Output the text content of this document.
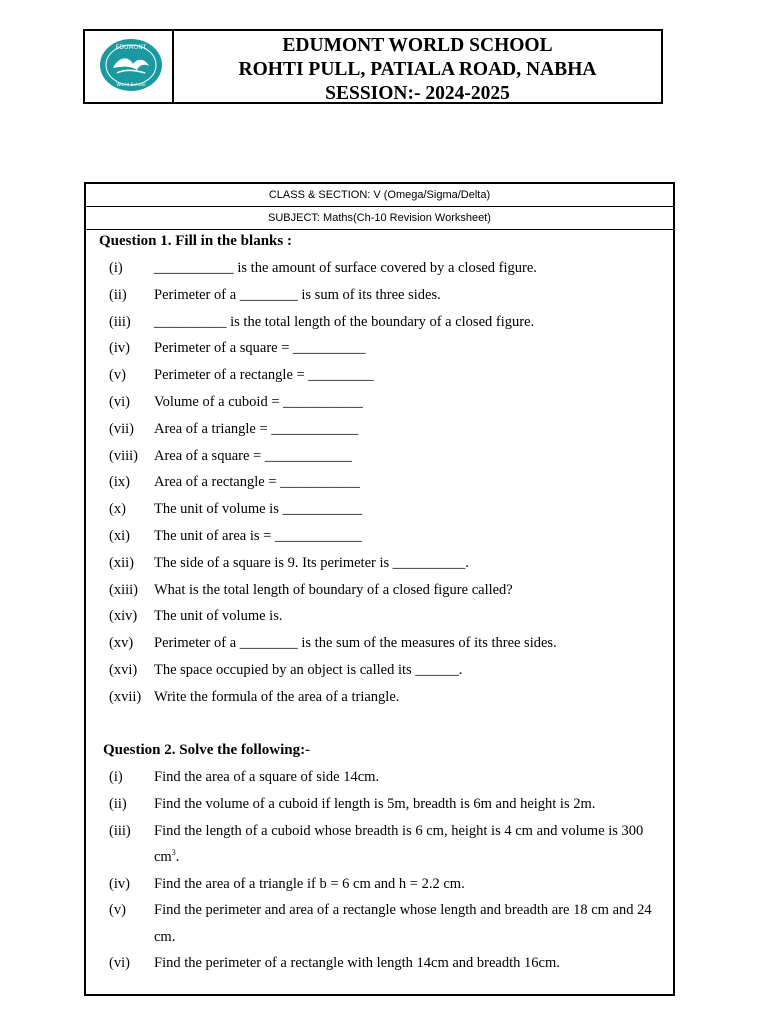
EDUMONT
World School
EDUMONT WORLD SCHOOL
ROHTI PULL, PATIALA ROAD, NABHA
SESSION:- 2024-2025
CLASS & SECTION: V (Omega/Sigma/Delta)
SUBJECT: Maths(Ch-10 Revision Worksheet)
Question 1. Fill in the blanks :
(i) ___________ is the amount of surface covered by a closed figure.
(ii) Perimeter of a ________ is sum of its three sides.
(iii) __________ is the total length of the boundary of a closed figure.
(iv) Perimeter of a square = __________
(v) Perimeter of a rectangle = _________
(vi) Volume of a cuboid = ___________
(vii) Area of a triangle = ____________
(viii) Area of a square = ____________
(ix) Area of a rectangle = ___________
(x) The unit of volume is ___________
(xi) The unit of area is = ____________
(xii) The side of a square is 9. Its perimeter is __________.
(xiii) What is the total length of boundary of a closed figure called?
(xiv) The unit of volume is.
(xv) Perimeter of a ________ is the sum of the measures of its three sides.
(xvi) The space occupied by an object is called its ______.
(xvii) Write the formula of the area of a triangle.
Question 2. Solve the following:-
(i) Find the area of a square of side 14cm.
(ii) Find the volume of a cuboid if length is 5m, breadth is 6m and height is 2m.
(iii) Find the length of a cuboid whose breadth is 6 cm, height is 4 cm and volume is 300 $cm^3$.
(iv) Find the area of a triangle if b = 6 cm and h = 2.2 cm.
(v) Find the perimeter and area of a rectangle whose length and breadth are 18 cm and 24 cm.
(vi) Find the perimeter of a rectangle with length 14cm and breadth 16cm.
